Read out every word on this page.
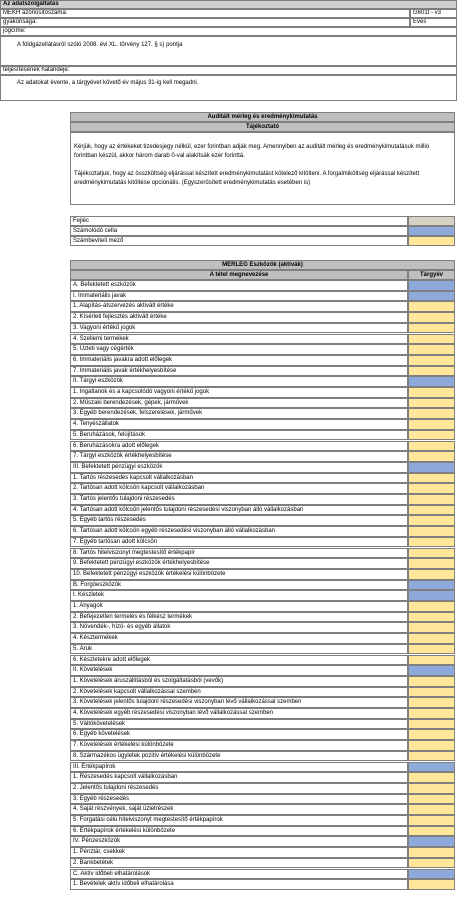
Az adatszolgáltatás
MEKH azonosítószáma:	G601t - v3
gyakorisága:	Éves
jogcíme:
A földgázellátásról szóló 2008. évi XL. törvény 127. § s) pontja
teljesítésének határideje:
Az adatokat évente, a tárgyévet követő év május 31-ig kell megadni.
Auditált mérleg és eredménykimutatás
Tájékoztató
Kérjük, hogy az értékeket tizedesjegy nélkül, ezer forintban adják meg. Amennyiben az auditált mérleg és eredménykimutatásuk millió forintban készül, akkor három darab 0-val alakítsák ezer forinttá.
Tájékoztatjuk, hogy az összköltség eljárással készített eredménykimutatást kötelező kitölteni. A forgalmiköltség eljárással készített eredménykimutatás kitöltése opcionális. (Egyszerűsített eredménykimutatás esetében is)
Fejléc
Számolódó cella
Számbeviteli mező
MÉRLEG Eszközök (aktívák)
A tétel megnevezése	Tárgyév
A. Befektetett eszközök
I. Immateriális javak
1. Alapítás-átszervezés aktivált értéke
2. Kísérleti fejlesztés aktivált értéke
3. Vagyoni értékű jogok
4. Szellemi termékek
5. Üzleti vagy cégérték
6. Immateriális javakra adott előlegek
7. Immateriális javak értékhelyesbítése
II. Tárgyi eszközök
1. Ingatlanok és a kapcsolódó vagyoni értékű jogok
2. Műszaki berendezések, gépek, járművek
3. Egyéb berendezések, felszerelések, járművek
4. Tenyészállatok
5. Beruházások, felújítások
6. Beruházásokra adott előlegek
7. Tárgyi eszközök értékhelyesbítése
III. Befektetett pénzügyi eszközök
1. Tartós részesedés kapcsolt vállalkozásban
2. Tartósan adott kölcsön kapcsolt vállalkozásban
3. Tartós jelentős tulajdoni részesedés
4. Tartósan adott kölcsön jelentős tulajdoni részesedési viszonyban álló vállalkozásban
5. Egyéb tartós részesedés
6. Tartósan adott kölcsön egyéb részesedési viszonyban álló vállalkozásban
7. Egyéb tartósan adott kölcsön
8. Tartós hitelviszonyt megtestesítő értékpapír
9. Befektetett pénzügyi eszközök értékhelyesbítése
10. Befektetett pénzügyi eszközök értékelési különbözete
B. Forgóeszközök
I. Készletek
1. Anyagok
2. Befejezetlen termelés és félkész termékek
3. Növendék-, hízó- és egyéb állatok
4. Késztermékek
5. Áruk
6. Készletekre adott előlegek
II. Követelések
1. Követelések áruszállításból és szolgáltatásból (vevők)
2. Követelések kapcsolt vállalkozással szemben
3. Követelések jelentős tulajdoni részesedési viszonyban lévő vállalkozással szemben
4. Követelések egyéb részesedési viszonyban lévő vállalkozással szemben
5. Váltókövetelések
6. Egyéb követelések
7. Követelések értékelési különbözete
8. Származékos ügyletek pozitív értékelési különbözete
III. Értékpapírok
1. Részesedés kapcsolt vállalkozásban
2. Jelentős tulajdoni részesedés
3. Egyéb részesedés
4. Saját részvények, saját üzletrészek
5. Forgatási célú hitelviszonyt megtestesítő értékpapírok
6. Értékpapírok értékelési különbözete
IV. Pénzeszközök
1. Pénztár, csekkek
2. Bankbetétek
C. Aktív időbeli elhatárolások
1. Bevételek aktív időbeli elhatárolása
